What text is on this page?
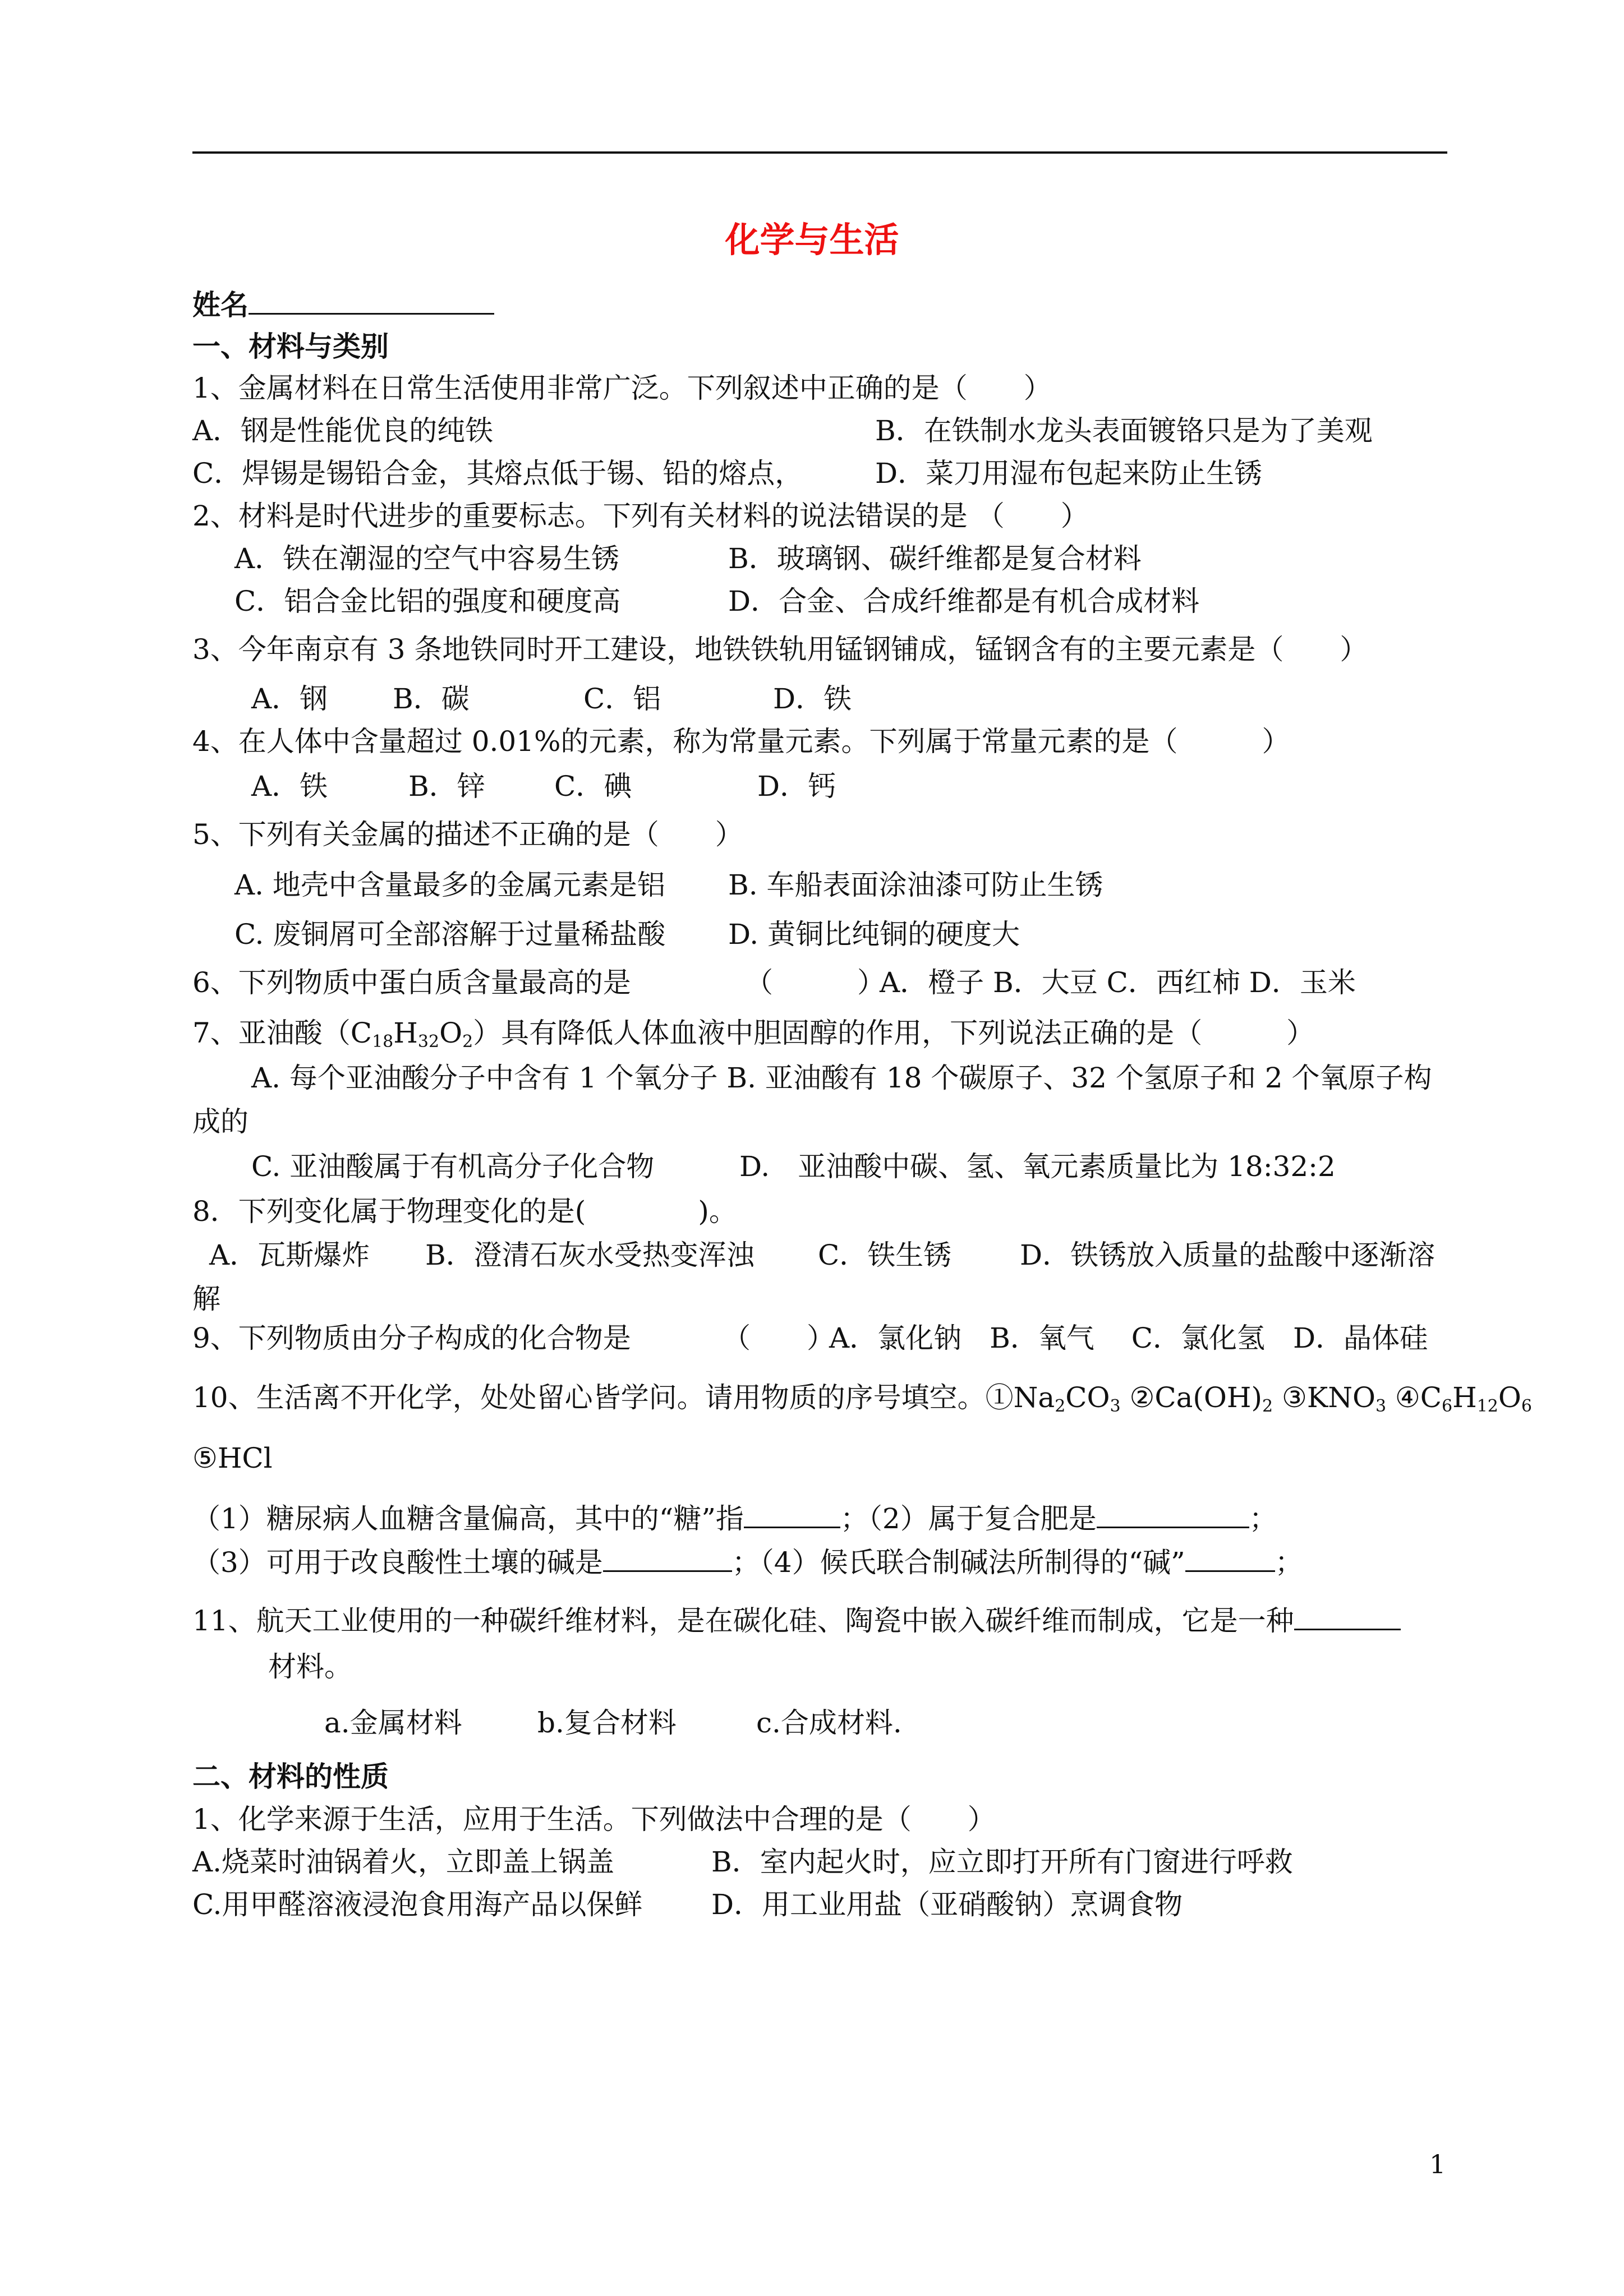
化学与生活
姓名
一、材料与类别
1、金属材料在日常生活使用非常广泛。下列叙述中正确的是（　　）
A．钢是性能优良的纯铁	B．在铁制水龙头表面镀铬只是为了美观
C．焊锡是锡铅合金，其熔点低于锡、铅的熔点，	D．菜刀用湿布包起来防止生锈
2、材料是时代进步的重要标志。下列有关材料的说法错误的是 （　　）
A．铁在潮湿的空气中容易生锈	B．玻璃钢、碳纤维都是复合材料
C．铝合金比铝的强度和硬度高	D．合金、合成纤维都是有机合成材料
3、今年南京有 3 条地铁同时开工建设，地铁铁轨用锰钢铺成，锰钢含有的主要元素是（　　）
A．钢 B．碳	C．铝	D．铁
4、在人体中含量超过 0.01%的元素，称为常量元素。下列属于常量元素的是（　　　）
A．铁	B．锌 C．碘	D．钙
5、下列有关金属的描述不正确的是（　　）
A. 地壳中含量最多的金属元素是铝 B. 车船表面涂油漆可防止生锈
C. 废铜屑可全部溶解于过量稀盐酸 D. 黄铜比纯铜的硬度大
6、下列物质中蛋白质含量最高的是	（　　　）
A．橙子 B．大豆 C．西红柿 D．玉米
7、亚油酸$(C_{18}H_{32}O_2)$具有降低人体血液中胆固醇的作用，下列说法正确的是（　　　）
A. 每个亚油酸分子中含有 1 个氧分子 B. 亚油酸有 18 个碳原子、32 个氢原子和 2 个氧原子构
成的
C. 亚油酸属于有机高分子化合物	D.　亚油酸中碳、氢、氧元素质量比为 18:32:2
8．下列变化属于物理变化的是(　　　　)。
A．瓦斯爆炸 B．澄清石灰水受热变浑浊 C．铁生锈 D．铁锈放入质量的盐酸中逐渐溶
解
9、下列物质由分子构成的化合物是	（　　）
A．氯化钠　B．氧气　 C．氯化氢　D．晶体硅
10、生活离不开化学，处处留心皆学问。请用物质的序号填空。$①Na_2CO_3$ $②Ca(OH)_2$ $③KNO_3$ $④C_6H_{12}O_6$
⑤HCl
（1）糖尿病人血糖含量偏高，其中的“糖”指	；（2）属于复合肥是	；
（3）可用于改良酸性土壤的碱是	；（4）候氏联合制碱法所制得的“碱”	；
11、航天工业使用的一种碳纤维材料，是在碳化硅、陶瓷中嵌入碳纤维而制成，它是一种
材料。
a.金属材料	b.复合材料	c.合成材料.
二、材料的性质
1、化学来源于生活，应用于生活。下列做法中合理的是（　　）
A.烧菜时油锅着火，立即盖上锅盖	B．室内起火时，应立即打开所有门窗进行呼救
C.用甲醛溶液浸泡食用海产品以保鲜 D．用工业用盐（亚硝酸钠）烹调食物
1
